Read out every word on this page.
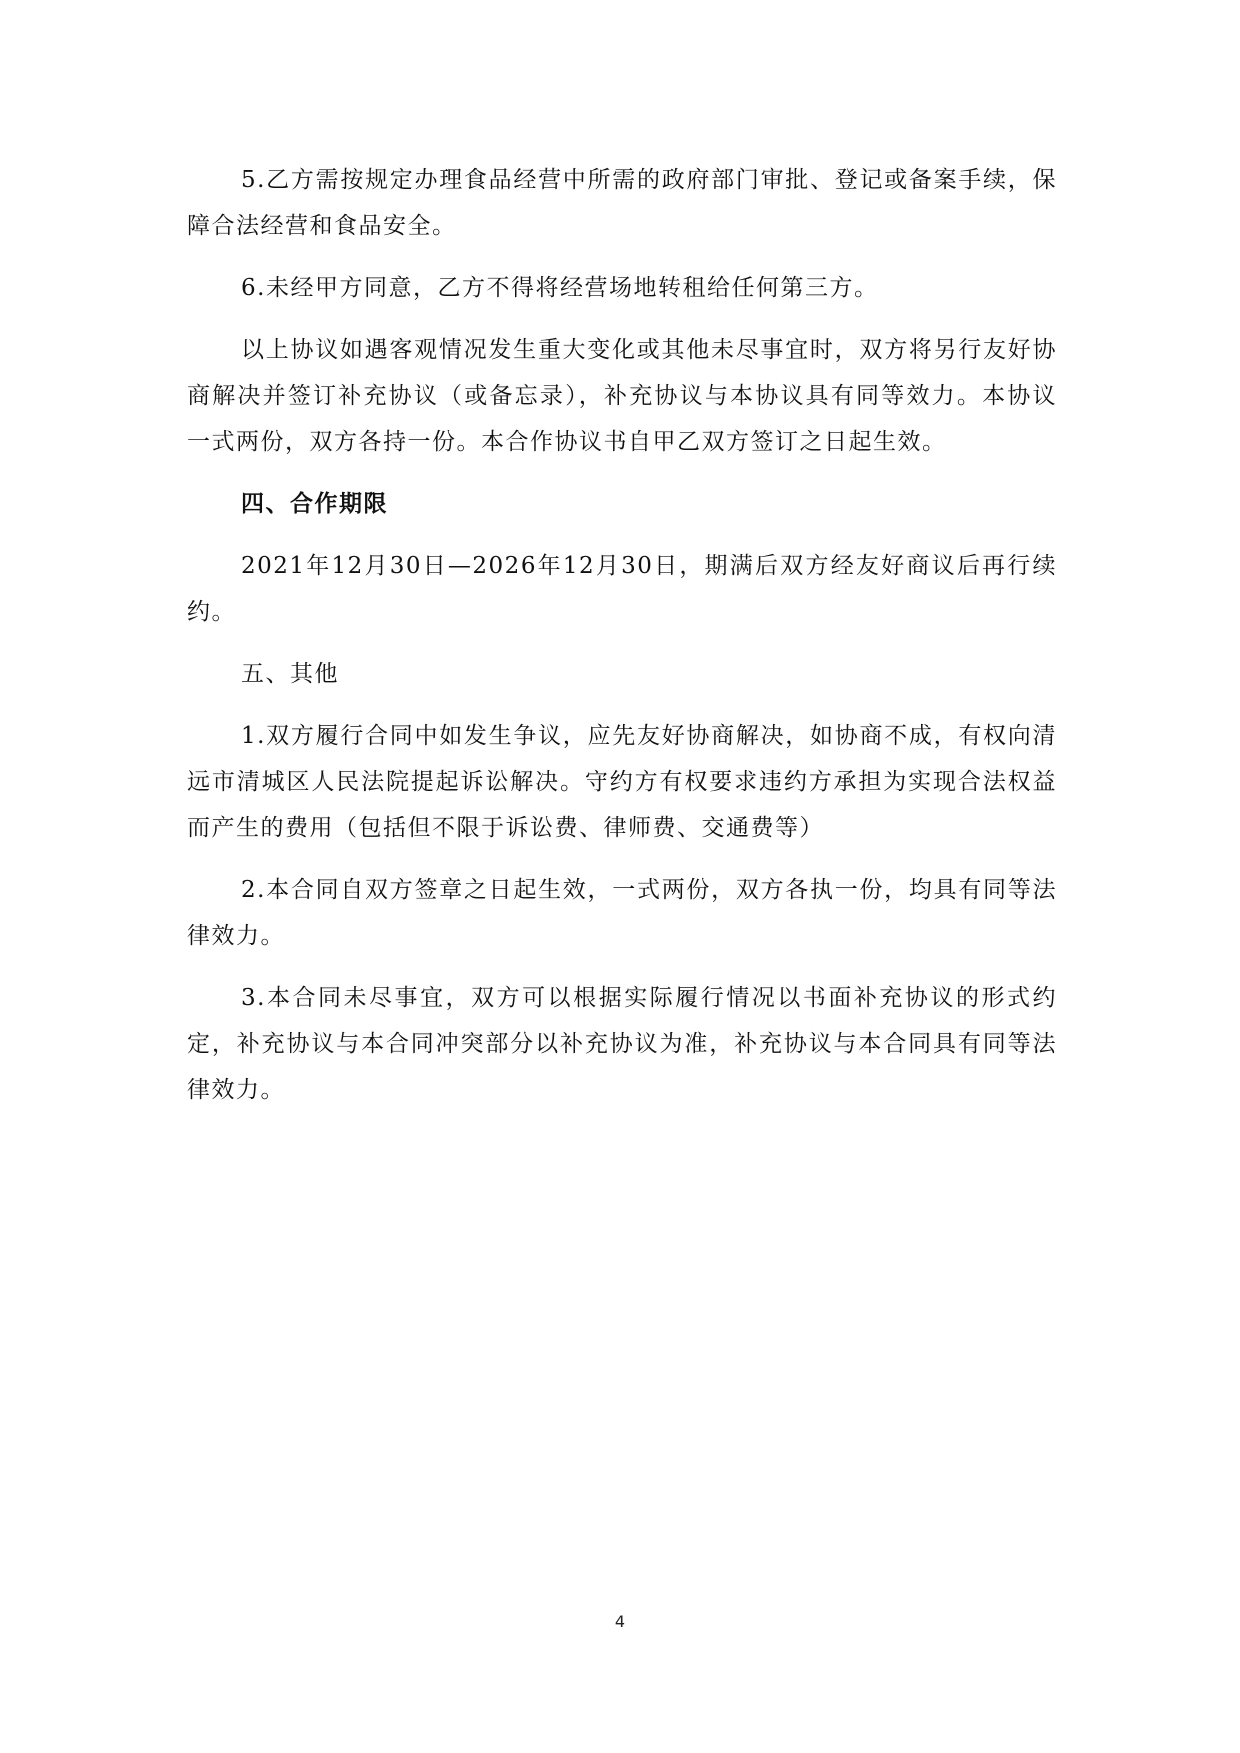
5.乙方需按规定办理食品经营中所需的政府部门审批、登记或备案手续，保障合法经营和食品安全。

6.未经甲方同意，乙方不得将经营场地转租给任何第三方。

以上协议如遇客观情况发生重大变化或其他未尽事宜时，双方将另行友好协商解决并签订补充协议（或备忘录），补充协议与本协议具有同等效力。本协议一式两份，双方各持一份。本合作协议书自甲乙双方签订之日起生效。

四、合作期限

2021年12月30日—2026年12月30日，期满后双方经友好商议后再行续约。

五、其他

1.双方履行合同中如发生争议，应先友好协商解决，如协商不成，有权向清远市清城区人民法院提起诉讼解决。守约方有权要求违约方承担为实现合法权益而产生的费用（包括但不限于诉讼费、律师费、交通费等）

2.本合同自双方签章之日起生效，一式两份，双方各执一份，均具有同等法律效力。

3.本合同未尽事宜，双方可以根据实际履行情况以书面补充协议的形式约定，补充协议与本合同冲突部分以补充协议为准，补充协议与本合同具有同等法律效力。

4
